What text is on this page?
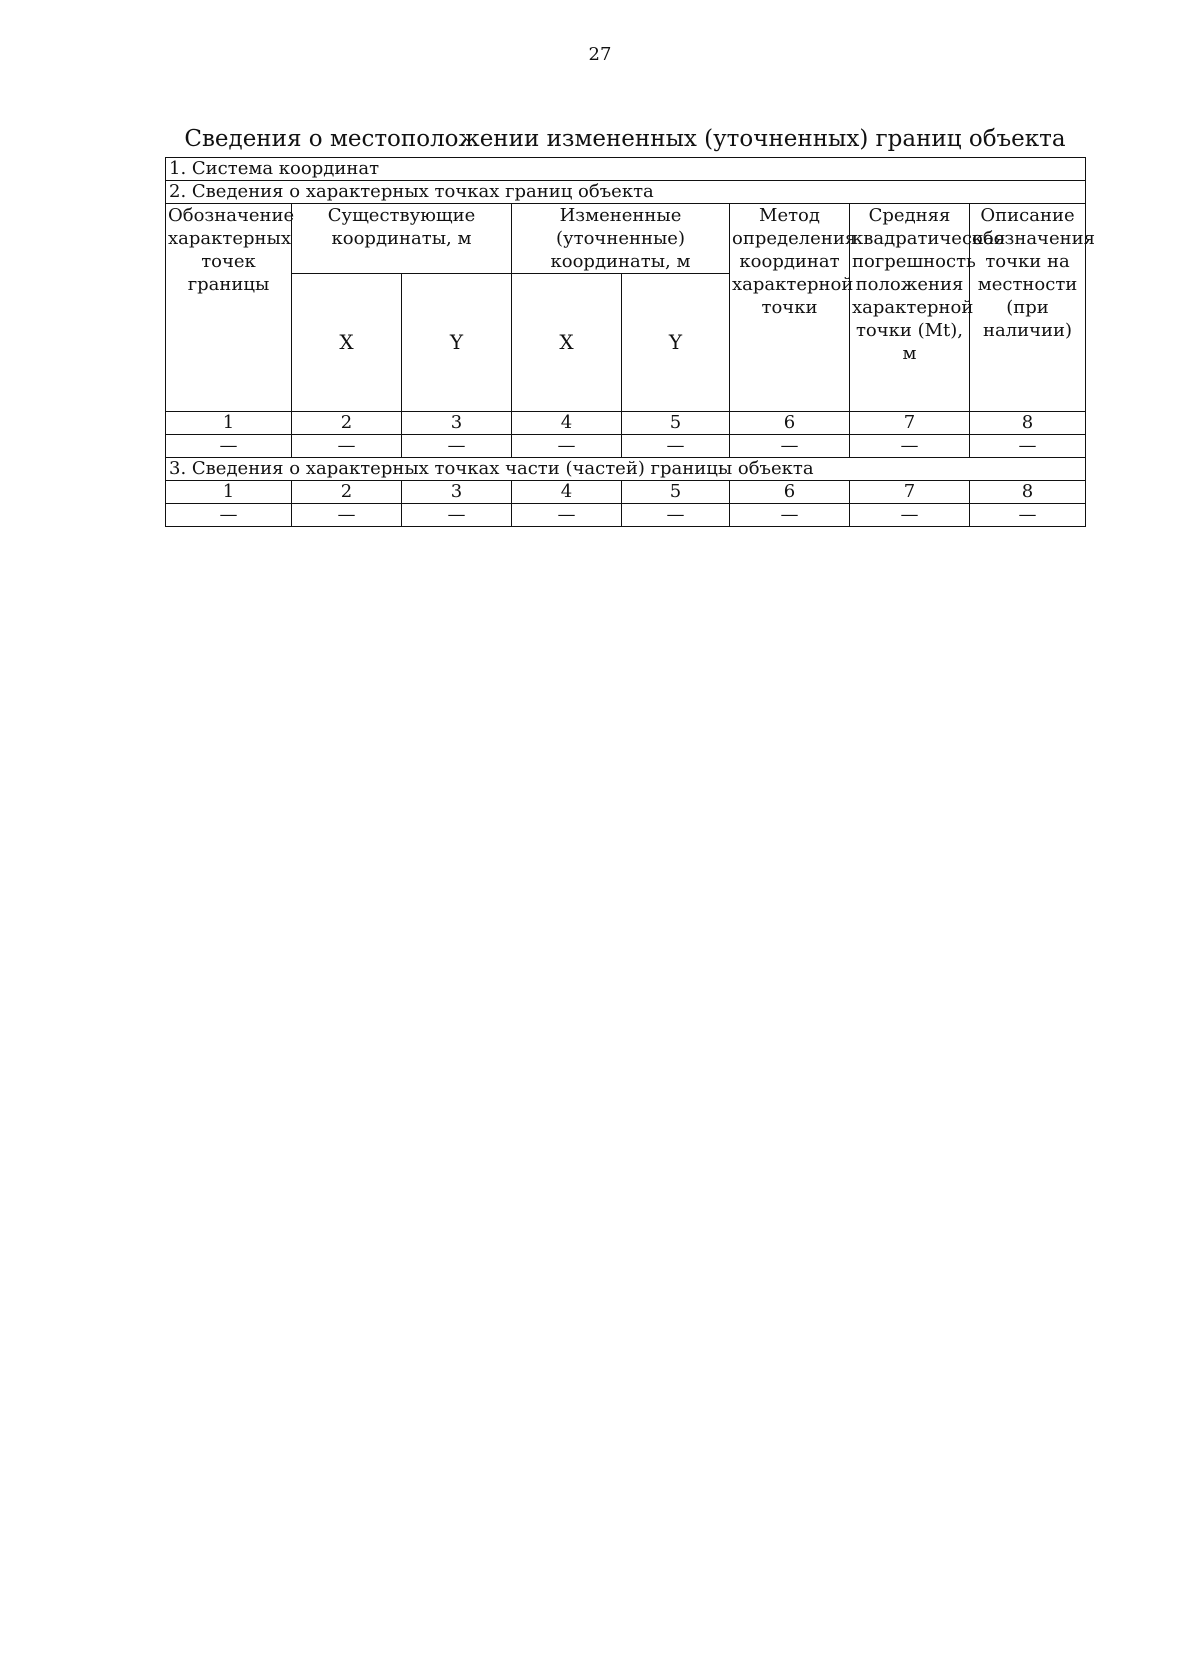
27
Сведения о местоположении измененных (уточненных) границ объекта
1. Система координат							
2. Сведения о характерных точках границ объекта							
Обозначение характерных точек границы	Существующие координаты, м		Измененные (уточненные) координаты, м		Метод определения координат характерной точки	Средняя квадратическая погрешность положения характерной точки (Mt), м	Описание обозначения точки на местности (при наличии)
	X	Y	X	Y			
1	2	3	4	5	6	7	8
—	—	—	—	—	—	—	—
3. Сведения о характерных точках части (частей) границы объекта							
1	2	3	4	5	6	7	8
—	—	—	—	—	—	—	—
